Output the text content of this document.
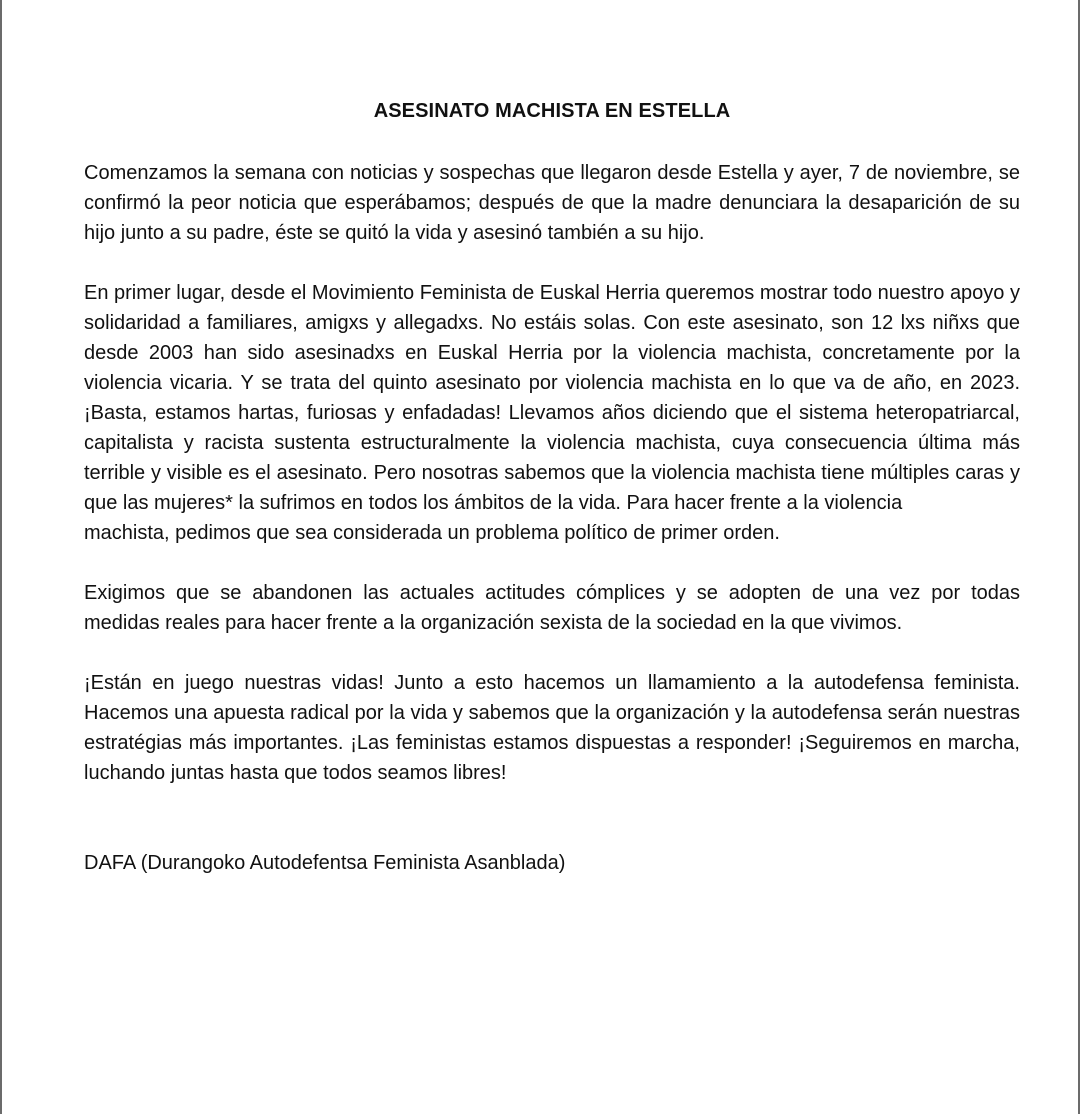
ASESINATO MACHISTA EN ESTELLA
Comenzamos la semana con noticias y sospechas que llegaron desde Estella y ayer, 7 de noviembre, se confirmó la peor noticia que esperábamos; después de que la madre denunciara la desaparición de su hijo junto a su padre, éste se quitó la vida y asesinó también a su hijo.
En primer lugar, desde el Movimiento Feminista de Euskal Herria queremos mostrar todo nuestro apoyo y solidaridad a familiares, amigxs y allegadxs. No estáis solas. Con este asesinato, son 12 lxs niñxs que desde 2003 han sido asesinadxs en Euskal Herria por la violencia machista, concretamente por la violencia vicaria. Y se trata del quinto asesinato por violencia machista en lo que va de año, en 2023. ¡Basta, estamos hartas, furiosas y enfadadas! Llevamos años diciendo que el sistema heteropatriarcal, capitalista y racista sustenta estructuralmente la violencia machista, cuya consecuencia última más terrible y visible es el asesinato. Pero nosotras sabemos que la violencia machista tiene múltiples caras y que las mujeres* la sufrimos en todos los ámbitos de la vida. Para hacer frente a la violencia
machista, pedimos que sea considerada un problema político de primer orden.
Exigimos que se abandonen las actuales actitudes cómplices y se adopten de una vez por todas medidas reales para hacer frente a la organización sexista de la sociedad en la que vivimos.
¡Están en juego nuestras vidas! Junto a esto hacemos un llamamiento a la autodefensa feminista. Hacemos una apuesta radical por la vida y sabemos que la organización y la autodefensa serán nuestras estratégias más importantes. ¡Las feministas estamos dispuestas a responder! ¡Seguiremos en marcha, luchando juntas hasta que todos seamos libres!
DAFA (Durangoko Autodefentsa Feminista Asanblada)
